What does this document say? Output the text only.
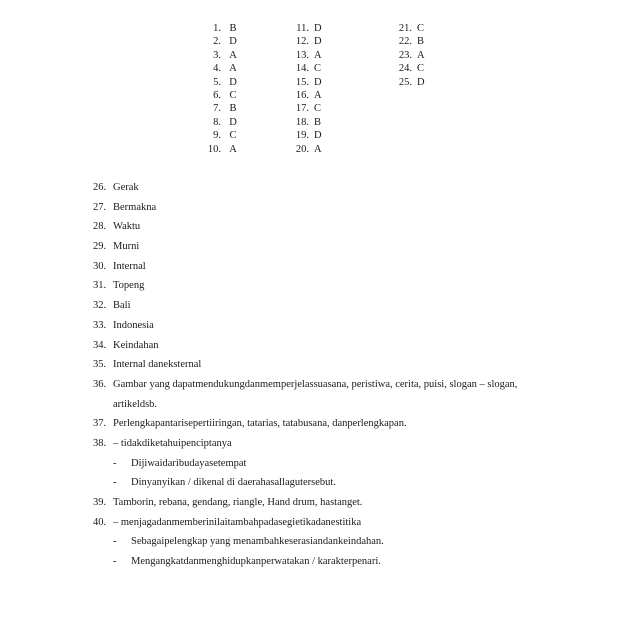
1. B
2. D
3. A
4. A
5. D
6. C
7. B
8. D
9. C
10. A
11. D
12. D
13. A
14. C
15. D
16. A
17. C
18. B
19. D
20. A
21. C
22. B
23. A
24. C
25. D
26. Gerak
27. Bermakna
28. Waktu
29. Murni
30. Internal
31. Topeng
32. Bali
33. Indonesia
34. Keindahan
35. Internal daneksternal
36. Gambar yang dapatmendukungdanmemperjelassuasana, peristiwa, cerita, puisi, slogan – slogan,
artikeldsb.
37. Perlengkapantarisepertiiringan, tatarias, tatabusana, danperlengkapan.
38. – tidakdiketahuipenciptanya
- Dijiwaidaribudayasetempat
- Dinyanyikan / dikenal di daerahasallagutersebut.
39. Tamborin, rebana, gendang, riangle, Hand drum, hastanget.
40. – menjagadanmemberinilaitambahpadasegietikadanestitika
- Sebagaipelengkap yang menambahkeserasiandankeindahan.
- Mengangkatdanmenghidupkanperwatakan / karakterpenari.
